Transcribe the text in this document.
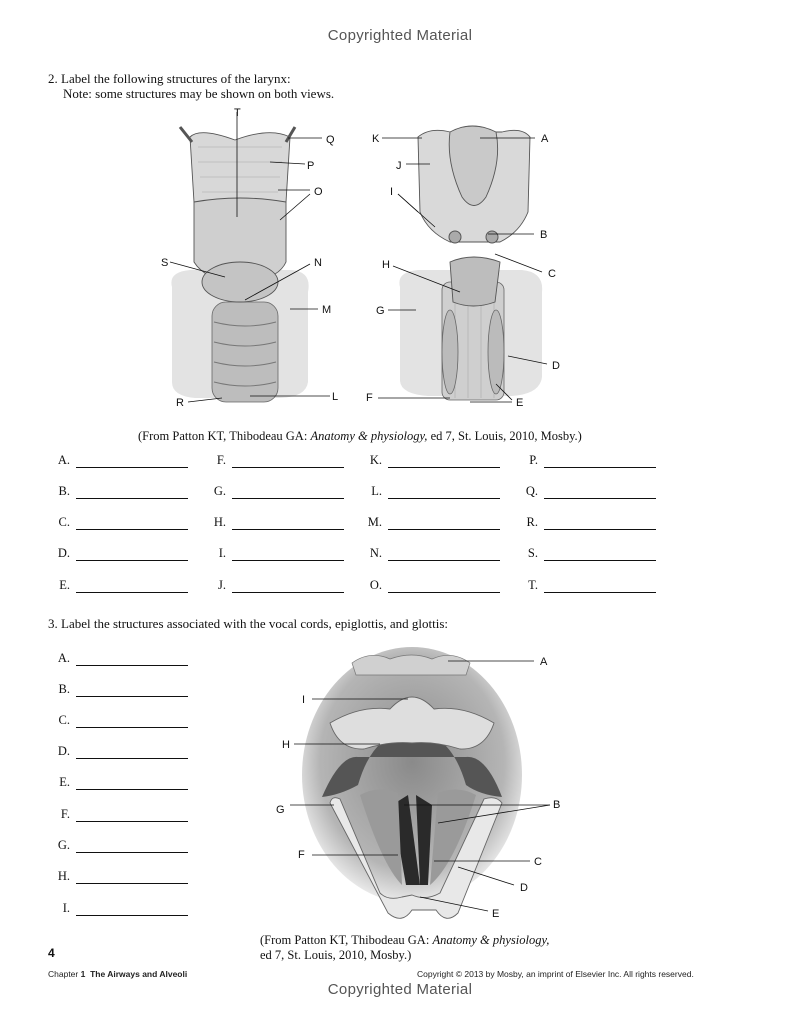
Copyrighted Material
2. Label the following structures of the larynx:
Note: some structures may be shown on both views.
T
Q
P
O
S	N
M
R	L
K	A
J
I
B
H
C
G
D
F	E
(From Patton KT, Thibodeau GA: Anatomy & physiology, ed 7, St. Louis, 2010, Mosby.)
A.	F.	K.	P.
B.	G.	L.	Q.
C.	H.	M.	R.
D.	I.	N.	S.
E.	J.	O.	T.
3. Label the structures associated with the vocal cords, epiglottis, and glottis:
A.
B.
C.
D.
E.
F.
G.
H.
I.
A
I
H
G	B
F
C
D
E
(From Patton KT, Thibodeau GA: Anatomy & physiology,
ed 7, St. Louis, 2010, Mosby.)
4
Chapter 1 The Airways and Alveoli	Copyright © 2013 by Mosby, an imprint of Elsevier Inc. All rights reserved.
Copyrighted Material
